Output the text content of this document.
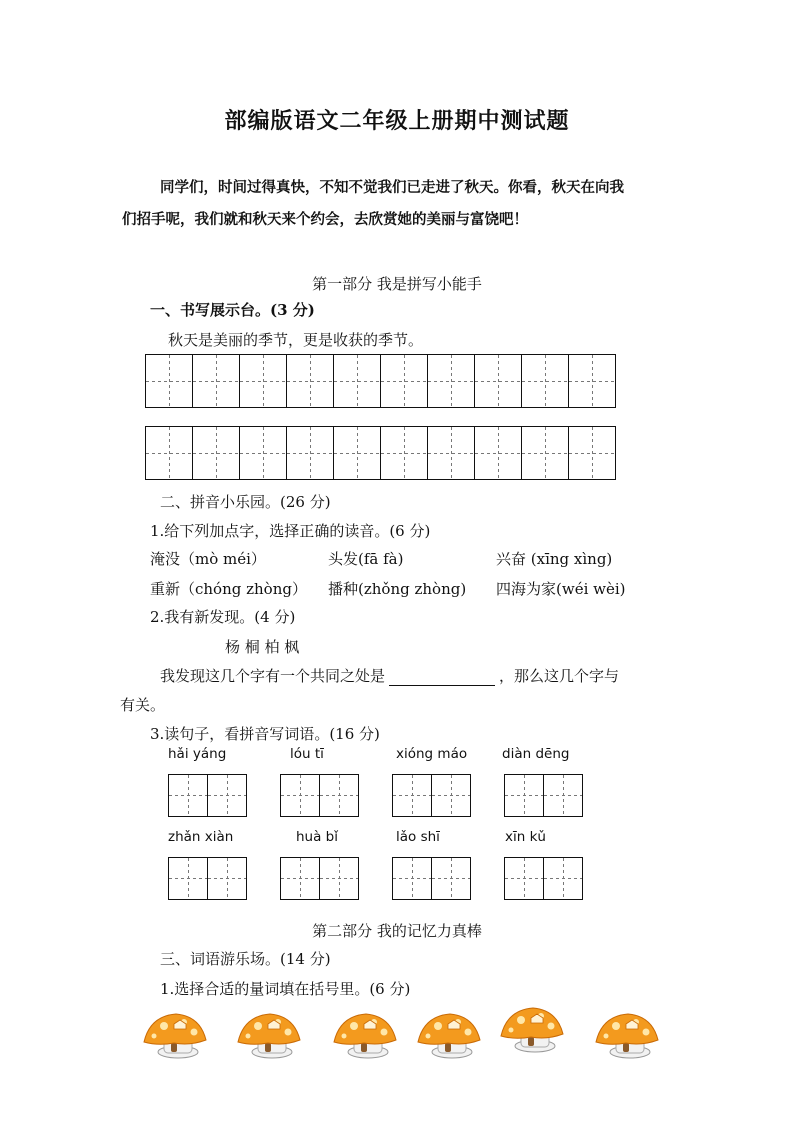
部编版语文二年级上册期中测试题
同学们，时间过得真快，不知不觉我们已走进了秋天。你看，秋天在向我
们招手呢，我们就和秋天来个约会，去欣赏她的美丽与富饶吧！
第一部分 我是拼写小能手
一、书写展示台。(3 分)
秋天是美丽的季节，更是收获的季节。
二、拼音小乐园。(26 分)
1.给下列加点字，选择正确的读音。(6 分)
淹没（mò méi）	头发(fā fà)	兴奋 (xīng xìng)
重新（chóng zhòng） 播种(zhǒng zhòng) 四海为家(wéi wèi)
2.我有新发现。(4 分)
杨 桐 柏 枫
我发现这几个字有一个共同之处是	，那么这几个字与
有关。
3.读句子，看拼音写词语。(16 分)
hǎi yáng	lóu tī	xióng máo	diàn dēng
zhǎn xiàn	huà bǐ	lǎo shī	xīn kǔ
第二部分 我的记忆力真棒
三、词语游乐场。(14 分)
1.选择合适的量词填在括号里。(6 分)
